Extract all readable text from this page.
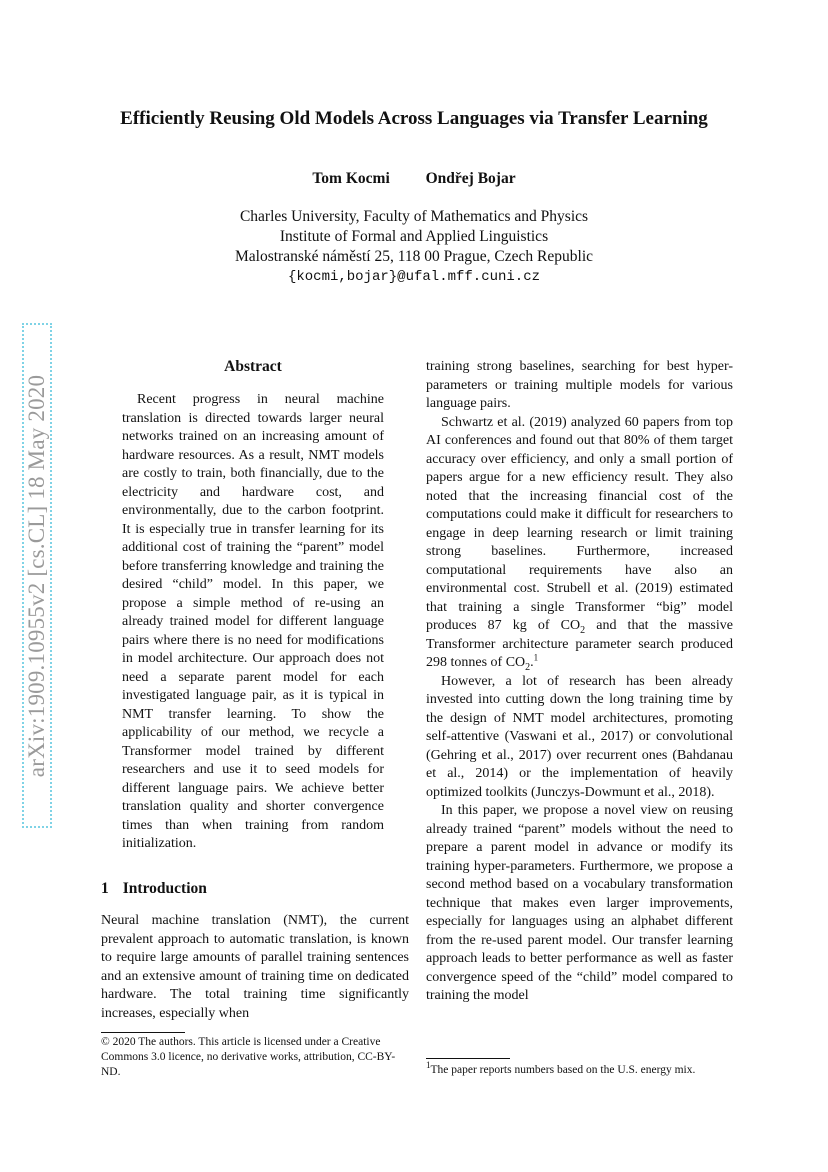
Efficiently Reusing Old Models Across Languages via Transfer Learning
Tom Kocmi Ondřej Bojar
Charles University, Faculty of Mathematics and Physics
Institute of Formal and Applied Linguistics
Malostranské náměstí 25, 118 00 Prague, Czech Republic
{kocmi,bojar}@ufal.mff.cuni.cz
arXiv:1909.10955v2 [cs.CL] 18 May 2020
Abstract

Recent progress in neural machine translation is directed towards larger neural networks trained on an increasing amount of hardware resources. As a result, NMT models are costly to train, both financially, due to the electricity and hardware cost, and environmentally, due to the carbon footprint. It is especially true in transfer learning for its additional cost of training the “parent” model before transferring knowledge and training the desired “child” model. In this paper, we propose a simple method of re-using an already trained model for different language pairs where there is no need for modifications in model architecture. Our approach does not need a separate parent model for each investigated language pair, as it is typical in NMT transfer learning. To show the applicability of our method, we recycle a Transformer model trained by different researchers and use it to seed models for different language pairs. We achieve better translation quality and shorter convergence times than when training from random initialization.

1 Introduction

Neural machine translation (NMT), the current prevalent approach to automatic translation, is known to require large amounts of parallel training sentences and an extensive amount of training time on dedicated hardware. The total training time significantly increases, especially when

© 2020 The authors. This article is licensed under a Creative Commons 3.0 licence, no derivative works, attribution, CC-BY-ND.

training strong baselines, searching for best hyper-parameters or training multiple models for various language pairs.

Schwartz et al. (2019) analyzed 60 papers from top AI conferences and found out that 80% of them target accuracy over efficiency, and only a small portion of papers argue for a new efficiency result. They also noted that the increasing financial cost of the computations could make it difficult for researchers to engage in deep learning research or limit training strong baselines. Furthermore, increased computational requirements have also an environmental cost. Strubell et al. (2019) estimated that training a single Transformer “big” model produces 87 kg of $CO_2$ and that the massive Transformer architecture parameter search produced 298 tonnes of $CO_2.^1$

However, a lot of research has been already invested into cutting down the long training time by the design of NMT model architectures, promoting self-attentive (Vaswani et al., 2017) or convolutional (Gehring et al., 2017) over recurrent ones (Bahdanau et al., 2014) or the implementation of heavily optimized toolkits (Junczys-Dowmunt et al., 2018).

In this paper, we propose a novel view on reusing already trained “parent” models without the need to prepare a parent model in advance or modify its training hyper-parameters. Furthermore, we propose a second method based on a vocabulary transformation technique that makes even larger improvements, especially for languages using an alphabet different from the re-used parent model. Our transfer learning approach leads to better performance as well as faster convergence speed of the “child” model compared to training the model

$^1$The paper reports numbers based on the U.S. energy mix.
